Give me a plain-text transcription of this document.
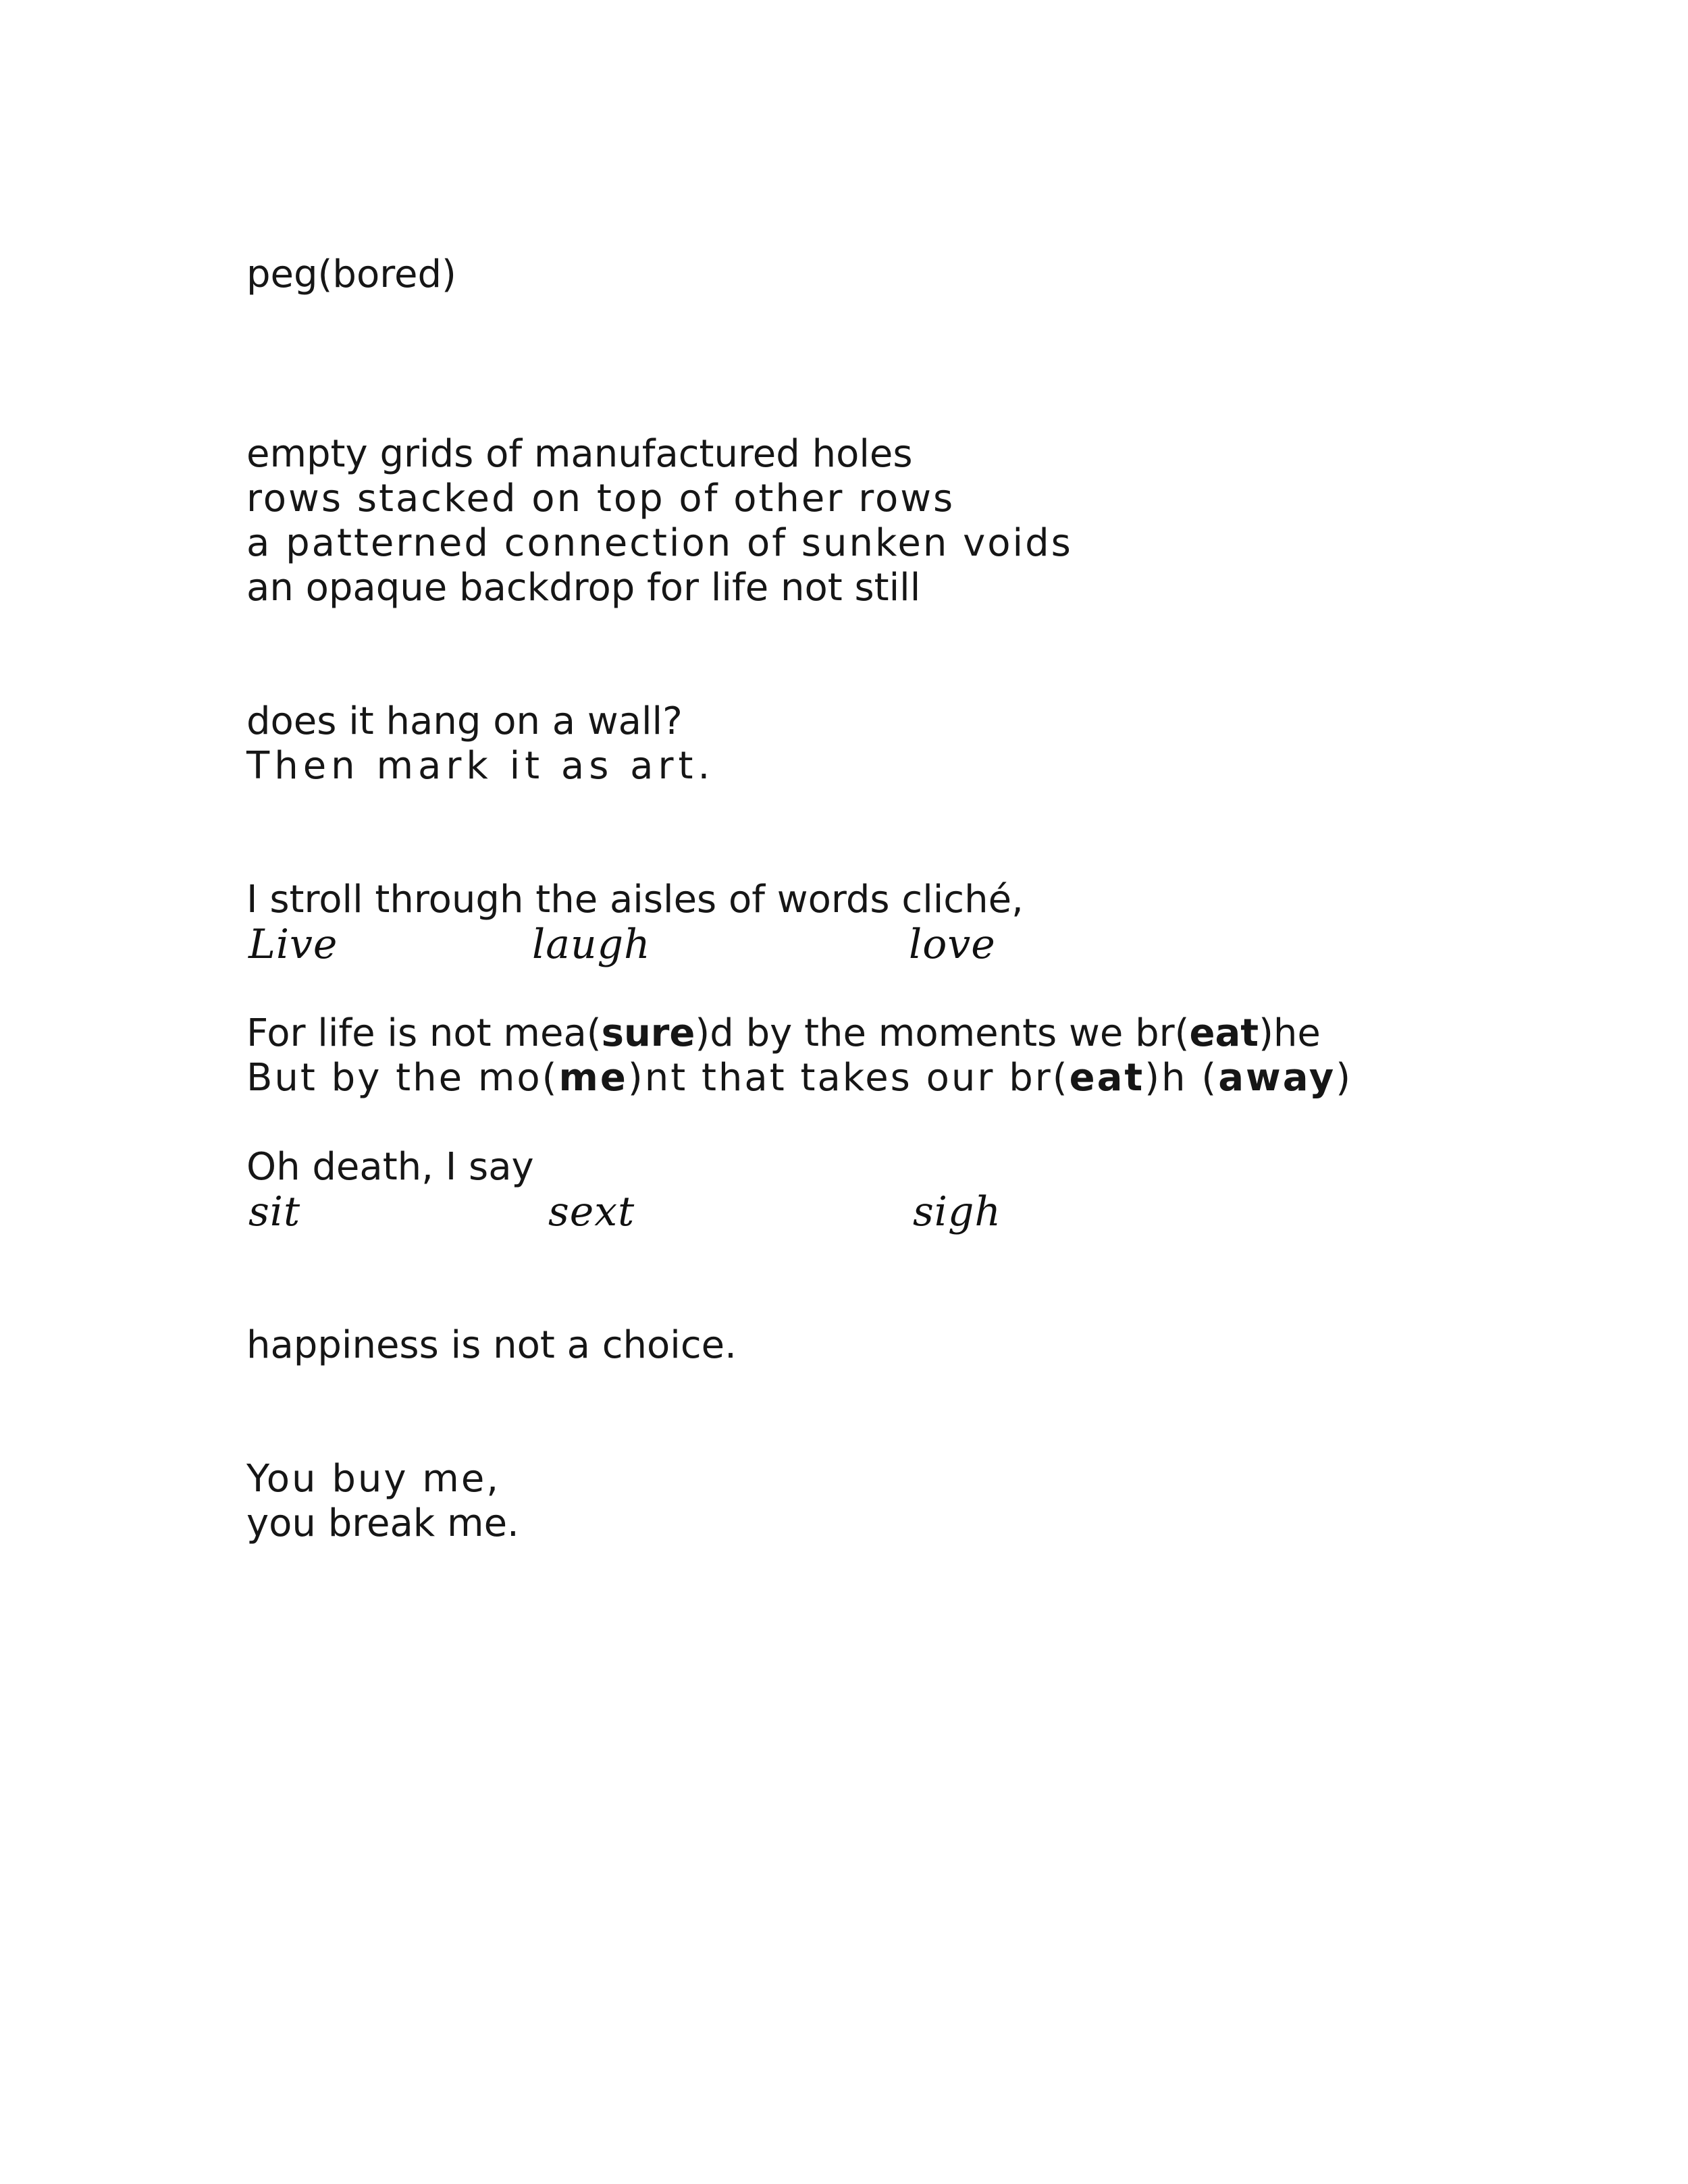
peg(bored)
empty grids of manufactured holes
rows stacked on top of other rows
a patterned connection of sunken voids
an opaque backdrop for life not still
does it hang on a wall?
Then mark it as art.
I stroll through the aisles of words cliché,
Live	laugh	love
For life is not mea(sure)d by the moments we br(eat)he
But by the mo(me)nt that takes our br(eat)h (away)
Oh death, I say
sit	sext	sigh
happiness is not a choice.
You buy me,
you break me.
